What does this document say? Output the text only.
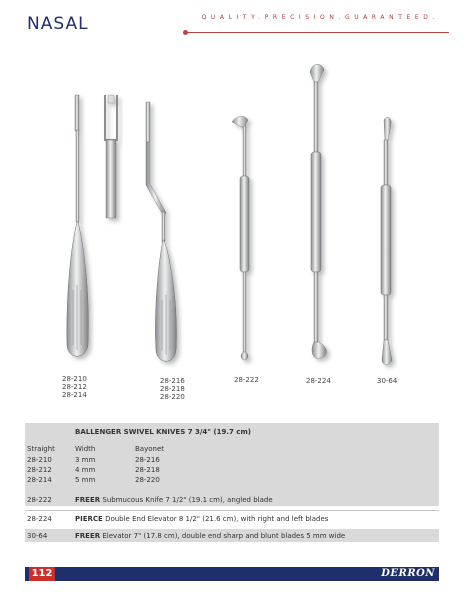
NASAL	QUALITY.PRECISION.GUARANTEED.
28-210
28-212
28-214
28-216
28-218
28-220
28-222	28-224	30-64
BALLENGER SWIVEL KNIVES 7 3/4" (19.7 cm)
Straight	Width	Bayonet
28-210	3 mm	28-216
28-212	4 mm	28-218
28-214	5 mm	28-220
28-222	FREER Submucous Knife 7 1/2" (19.1 cm), angled blade
28-224	PIERCE Double End Elevator 8 1/2" (21.6 cm), with right and left blades
30-64	FREER Elevator 7" (17.8 cm), double end sharp and blunt blades 5 mm wide
112	DERRON
